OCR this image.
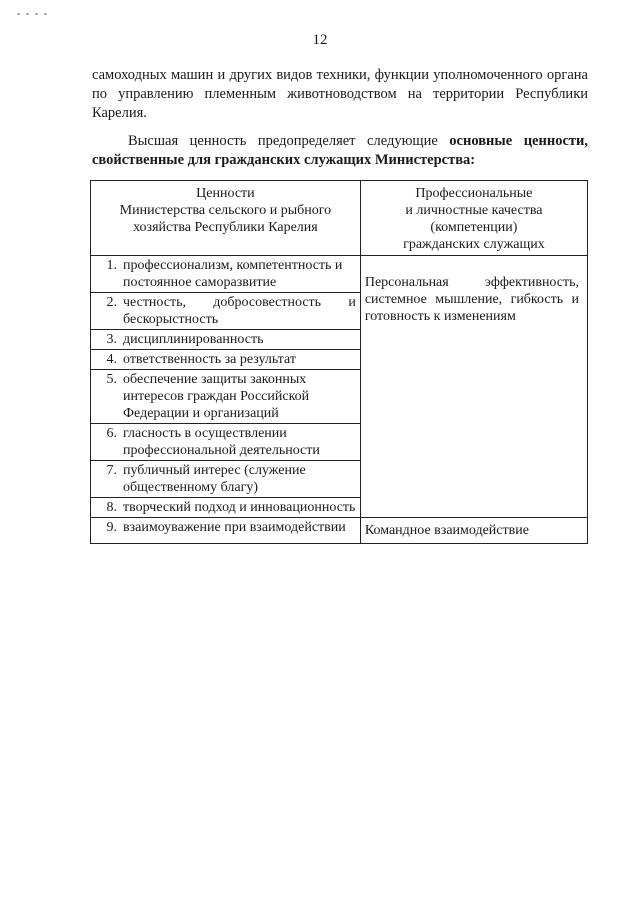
12
самоходных машин и других видов техники, функции уполномоченного органа по управлению племенным животноводством на территории Республики Карелия.
Высшая ценность предопределяет следующие основные ценности, свойственные для гражданских служащих Министерства:
Ценности
Министерства сельского и рыбного
хозяйства Республики Карелия	Профессиональные
и личностные качества
(компетенции)
гражданских служащих

1. профессионализм, компетентность и постоянное саморазвитие	Персональная эффективность, системное мышление, гибкость и готовность к изменениям

2. честность, добросовестность и бескорыстность	

3. дисциплинированность	

4. ответственность за результат	

5. обеспечение защиты законных интересов граждан Российской Федерации и организаций	

6. гласность в осуществлении профессиональной деятельности	

7. публичный интерес (служение общественному благу)	

8. творческий подход и инновационность	

9. взаимоуважение при взаимодействии	Командное взаимодействие
